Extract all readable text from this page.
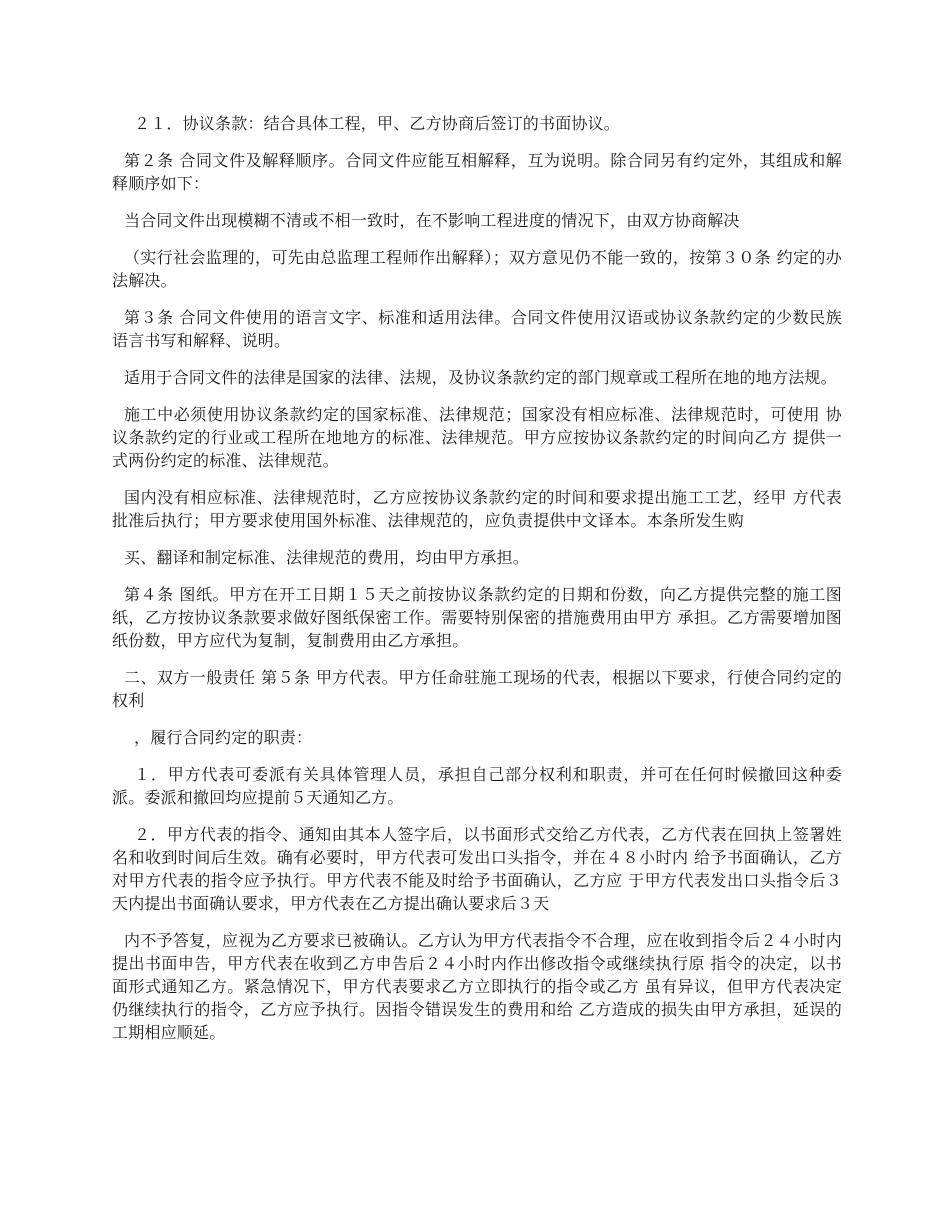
２１．协议条款：结合具体工程，甲、乙方协商后签订的书面协议。

第２条 合同文件及解释顺序。合同文件应能互相解释，互为说明。除合同另有约定外，其组成和解释顺序如下：

当合同文件出现模糊不清或不相一致时，在不影响工程进度的情况下，由双方协商解决

（实行社会监理的，可先由总监理工程师作出解释）；双方意见仍不能一致的，按第３０条 约定的办法解决。

第３条 合同文件使用的语言文字、标准和适用法律。合同文件使用汉语或协议条款约定的少数民族语言书写和解释、说明。

适用于合同文件的法律是国家的法律、法规，及协议条款约定的部门规章或工程所在地的地方法规。

施工中必须使用协议条款约定的国家标准、法律规范；国家没有相应标准、法律规范时，可使用 协议条款约定的行业或工程所在地地方的标准、法律规范。甲方应按协议条款约定的时间向乙方 提供一式两份约定的标准、法律规范。

国内没有相应标准、法律规范时，乙方应按协议条款约定的时间和要求提出施工工艺，经甲 方代表批准后执行；甲方要求使用国外标准、法律规范的，应负责提供中文译本。本条所发生购

买、翻译和制定标准、法律规范的费用，均由甲方承担。

第４条 图纸。甲方在开工日期１５天之前按协议条款约定的日期和份数，向乙方提供完整的施工图纸，乙方按协议条款要求做好图纸保密工作。需要特别保密的措施费用由甲方 承担。乙方需要增加图纸份数，甲方应代为复制，复制费用由乙方承担。

二、双方一般责任 第５条 甲方代表。甲方任命驻施工现场的代表，根据以下要求，行使合同约定的权利

，履行合同约定的职责：

１．甲方代表可委派有关具体管理人员，承担自己部分权利和职责，并可在任何时候撤回这种委派。委派和撤回均应提前５天通知乙方。

２．甲方代表的指令、通知由其本人签字后，以书面形式交给乙方代表，乙方代表在回执上签署姓名和收到时间后生效。确有必要时，甲方代表可发出口头指令，并在４８小时内 给予书面确认，乙方对甲方代表的指令应予执行。甲方代表不能及时给予书面确认，乙方应 于甲方代表发出口头指令后３天内提出书面确认要求，甲方代表在乙方提出确认要求后３天

内不予答复，应视为乙方要求已被确认。乙方认为甲方代表指令不合理，应在收到指令后２４小时内提出书面申告，甲方代表在收到乙方申告后２４小时内作出修改指令或继续执行原 指令的决定，以书面形式通知乙方。紧急情况下，甲方代表要求乙方立即执行的指令或乙方 虽有异议，但甲方代表决定仍继续执行的指令，乙方应予执行。因指令错误发生的费用和给 乙方造成的损失由甲方承担，延误的工期相应顺延。
